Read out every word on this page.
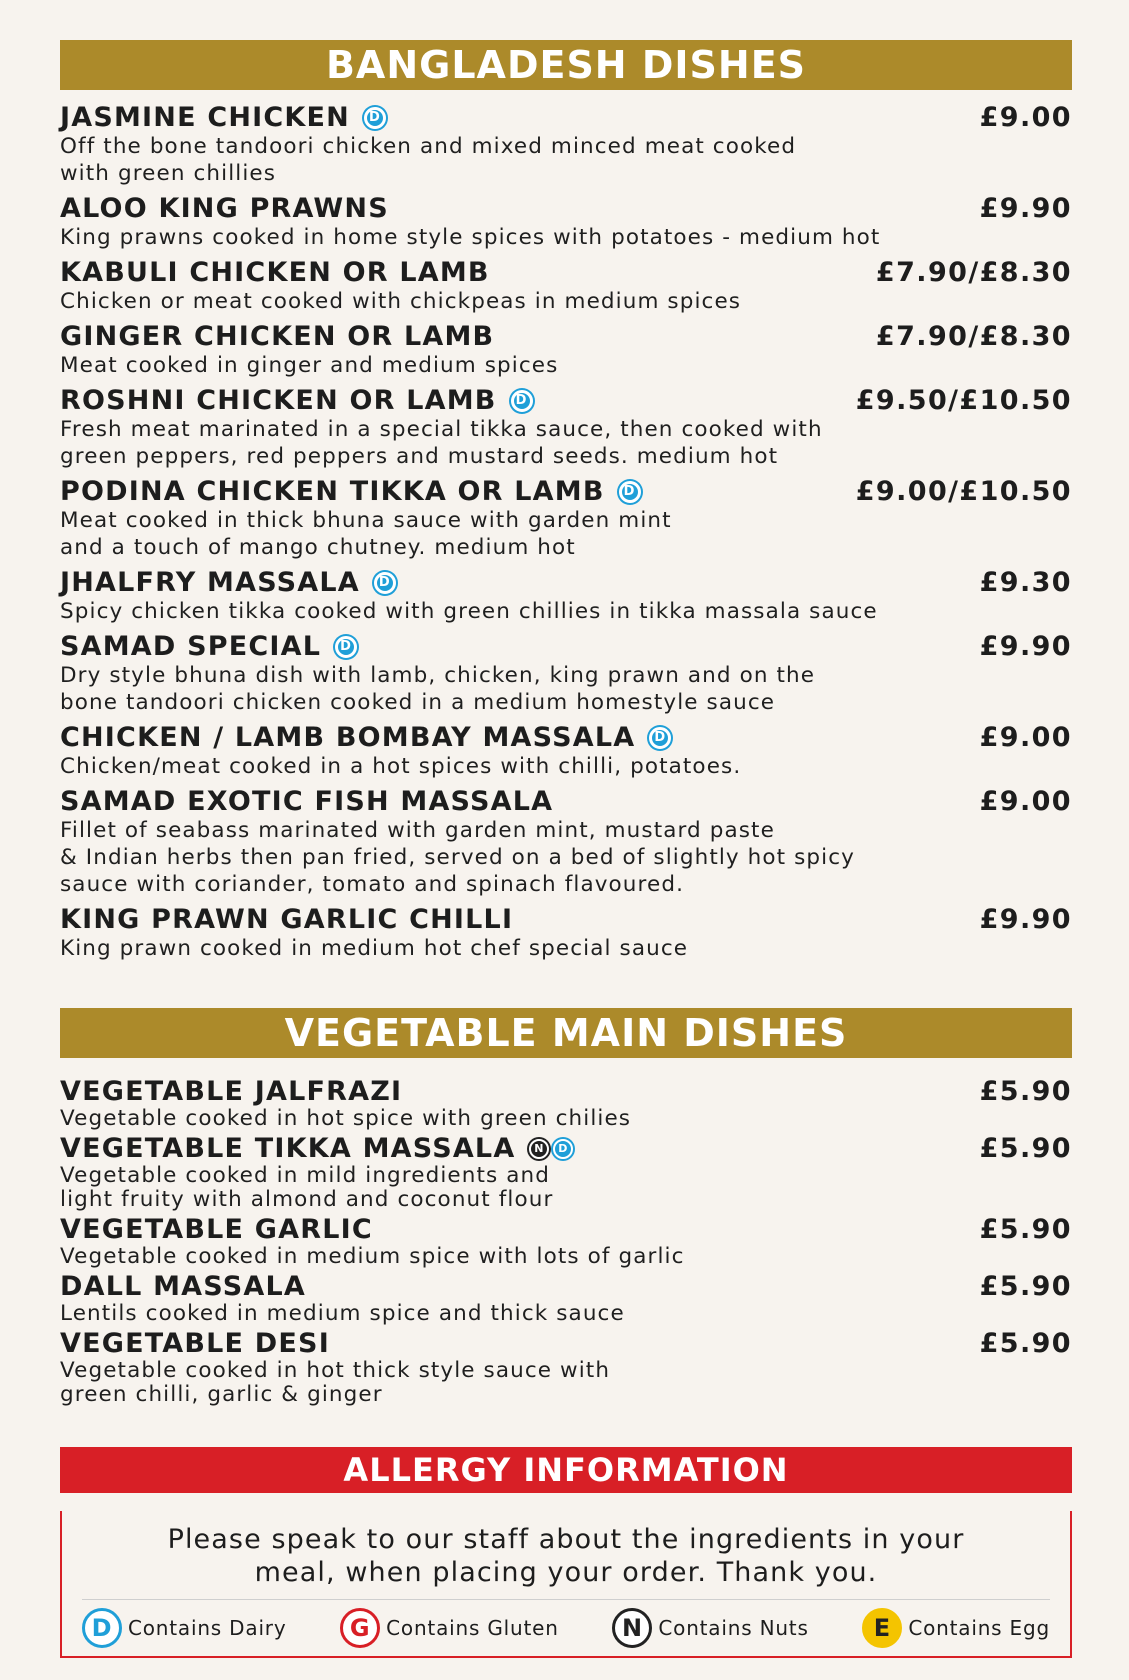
BANGLADESH DISHES
JASMINE CHICKEN D	£9.00
Off the bone tandoori chicken and mixed minced meat cooked
with green chillies
ALOO KING PRAWNS	£9.90
King prawns cooked in home style spices with potatoes - medium hot
KABULI CHICKEN OR LAMB	£7.90/£8.30
Chicken or meat cooked with chickpeas in medium spices
GINGER CHICKEN OR LAMB	£7.90/£8.30
Meat cooked in ginger and medium spices
ROSHNI CHICKEN OR LAMB D	£9.50/£10.50
Fresh meat marinated in a special tikka sauce, then cooked with
green peppers, red peppers and mustard seeds. medium hot
PODINA CHICKEN TIKKA OR LAMB D	£9.00/£10.50
Meat cooked in thick bhuna sauce with garden mint
and a touch of mango chutney. medium hot
JHALFRY MASSALA D	£9.30
Spicy chicken tikka cooked with green chillies in tikka massala sauce
SAMAD SPECIAL D	£9.90
Dry style bhuna dish with lamb, chicken, king prawn and on the
bone tandoori chicken cooked in a medium homestyle sauce
CHICKEN / LAMB BOMBAY MASSALA D	£9.00
Chicken/meat cooked in a hot spices with chilli, potatoes.
SAMAD EXOTIC FISH MASSALA	£9.00
Fillet of seabass marinated with garden mint, mustard paste
& Indian herbs then pan fried, served on a bed of slightly hot spicy
sauce with coriander, tomato and spinach flavoured.
KING PRAWN GARLIC CHILLI	£9.90
King prawn cooked in medium hot chef special sauce
VEGETABLE MAIN DISHES
VEGETABLE JALFRAZI	£5.90
Vegetable cooked in hot spice with green chilies
VEGETABLE TIKKA MASSALA N D	£5.90
Vegetable cooked in mild ingredients and
light fruity with almond and coconut flour
VEGETABLE GARLIC	£5.90
Vegetable cooked in medium spice with lots of garlic
DALL MASSALA	£5.90
Lentils cooked in medium spice and thick sauce
VEGETABLE DESI	£5.90
Vegetable cooked in hot thick style sauce with
green chilli, garlic & ginger
ALLERGY INFORMATION
Please speak to our staff about the ingredients in your
meal, when placing your order. Thank you.
D Contains Dairy	G Contains Gluten	N Contains Nuts	E Contains Egg
